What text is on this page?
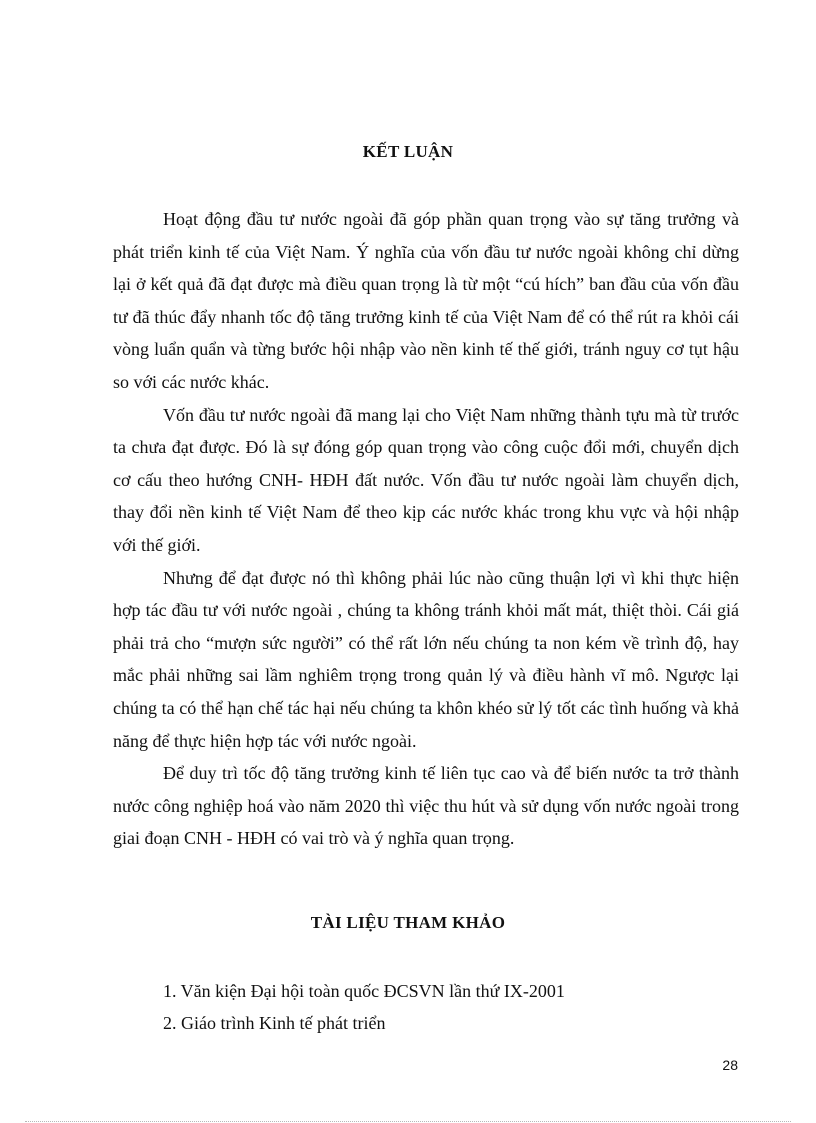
KẾT LUẬN

Hoạt động đầu tư nước ngoài đã góp phần quan trọng vào sự tăng trưởng và phát triển kinh tế của Việt Nam. Ý nghĩa của vốn đầu tư nước ngoài không chỉ dừng lại ở kết quả đã đạt được mà điều quan trọng là từ một “cú hích” ban đầu của vốn đầu tư đã thúc đẩy nhanh tốc độ tăng trưởng kinh tế của Việt Nam để có thể rút ra khỏi cái vòng luẩn quẩn và từng bước hội nhập vào nền kinh tế thế giới, tránh nguy cơ tụt hậu so với các nước khác.

Vốn đầu tư nước ngoài đã mang lại cho Việt Nam những thành tựu mà từ trước ta chưa đạt được. Đó là sự đóng góp quan trọng vào công cuộc đổi mới, chuyển dịch cơ cấu theo hướng CNH- HĐH đất nước. Vốn đầu tư nước ngoài làm chuyển dịch, thay đổi nền kinh tế Việt Nam để theo kịp các nước khác trong khu vực và hội nhập với thế giới.

Nhưng để đạt được nó thì không phải lúc nào cũng thuận lợi vì khi thực hiện hợp tác đầu tư với nước ngoài , chúng ta không tránh khỏi mất mát, thiệt thòi. Cái giá phải trả cho “mượn sức người” có thể rất lớn nếu chúng ta non kém về trình độ, hay mắc phải những sai lầm nghiêm trọng trong quản lý và điều hành vĩ mô. Ngược lại chúng ta có thể hạn chế tác hại nếu chúng ta khôn khéo sử lý tốt các tình huống và khả năng để thực hiện hợp tác với nước ngoài.

Để duy trì tốc độ tăng trưởng kinh tế liên tục cao và để biến nước ta trở thành nước công nghiệp hoá vào năm 2020 thì việc thu hút và sử dụng vốn nước ngoài trong giai đoạn CNH - HĐH có vai trò và ý nghĩa quan trọng.

TÀI LIỆU THAM KHẢO
1. Văn kiện Đại hội toàn quốc ĐCSVN lần thứ IX-2001
2. Giáo trình Kinh tế phát triển
28
